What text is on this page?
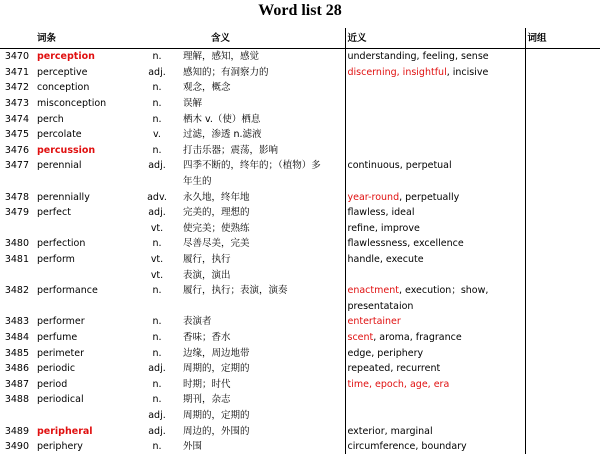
Word list 28
	词条		含义	近义	词组
3470	perception	n.	理解，感知，感觉	understanding, feeling, sense	
3471	perceptive	adj.	感知的；有洞察力的	discerning, insightful, incisive	
3472	conception	n.	观念，概念		
3473	misconception	n.	误解		
3474	perch	n.	栖木 v.（使）栖息		
3475	percolate	v.	过滤，渗透 n.滤液		
3476	percussion	n.	打击乐器；震荡，影响		
3477	perennial	adj.	四季不断的，终年的；（植物）多	continuous, perpetual	
			年生的		
3478	perennially	adv.	永久地，终年地	year-round, perpetually	
3479	perfect	adj.	完美的，理想的	flawless, ideal	
		vt.	使完美；使熟练	refine, improve	
3480	perfection	n.	尽善尽美，完美	flawlessness, excellence	
3481	perform	vt.	履行，执行	handle, execute	
		vt.	表演，演出		
3482	performance	n.	履行，执行；表演，演奏	enactment, execution；show,	
				presentataion	
3483	performer	n.	表演者	entertainer	
3484	perfume	n.	香味；香水	scent, aroma, fragrance	
3485	perimeter	n.	边缘，周边地带	edge, periphery	
3486	periodic	adj.	周期的，定期的	repeated, recurrent	
3487	period	n.	时期；时代	time, epoch, age, era	
3488	periodical	n.	期刊，杂志		
		adj.	周期的，定期的		
3489	peripheral	adj.	周边的，外围的	exterior, marginal	
3490	periphery	n.	外围	circumference, boundary	
